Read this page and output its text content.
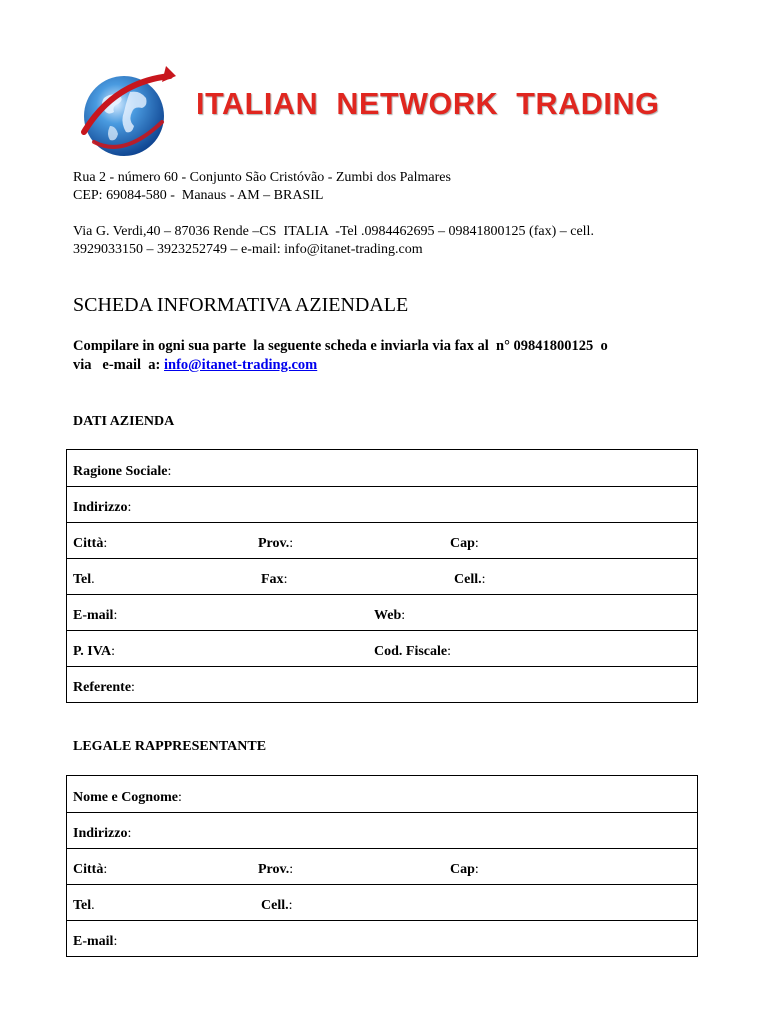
ITALIAN  NETWORK  TRADING
Rua 2 - número 60 - Conjunto São Cristóvão - Zumbi dos Palmares
CEP: 69084-580 -  Manaus - AM – BRASIL
Via G. Verdi,40 – 87036 Rende –CS  ITALIA  -Tel .0984462695 – 09841800125 (fax) – cell.
3929033150 – 3923252749 – e-mail: info@itanet-trading.com
SCHEDA INFORMATIVA AZIENDALE
Compilare in ogni sua parte  la seguente scheda e inviarla via fax al  n° 09841800125  o
via   e-mail  a: info@itanet-trading.com
DATI AZIENDA
Ragione Sociale:
Indirizzo:
Città:	Prov.:	Cap:
Tel.	Fax:	Cell.:
E-mail:	Web:
P. IVA:	Cod. Fiscale:
Referente:
LEGALE RAPPRESENTANTE
Nome e Cognome:
Indirizzo:
Città:	Prov.:	Cap:
Tel.	Cell.:
E-mail:
